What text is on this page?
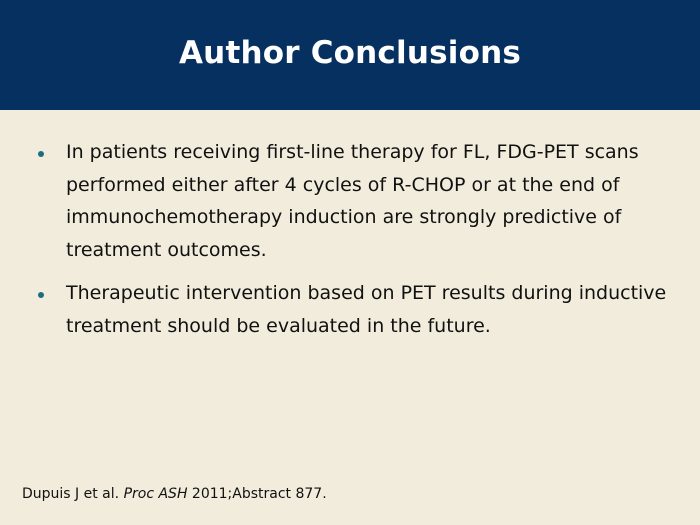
Author Conclusions
In patients receiving first-line therapy for FL, FDG-PET scans performed either after 4 cycles of R-CHOP or at the end of immunochemotherapy induction are strongly predictive of treatment outcomes.
Therapeutic intervention based on PET results during inductive treatment should be evaluated in the future.
Dupuis J et al. Proc ASH 2011;Abstract 877.
